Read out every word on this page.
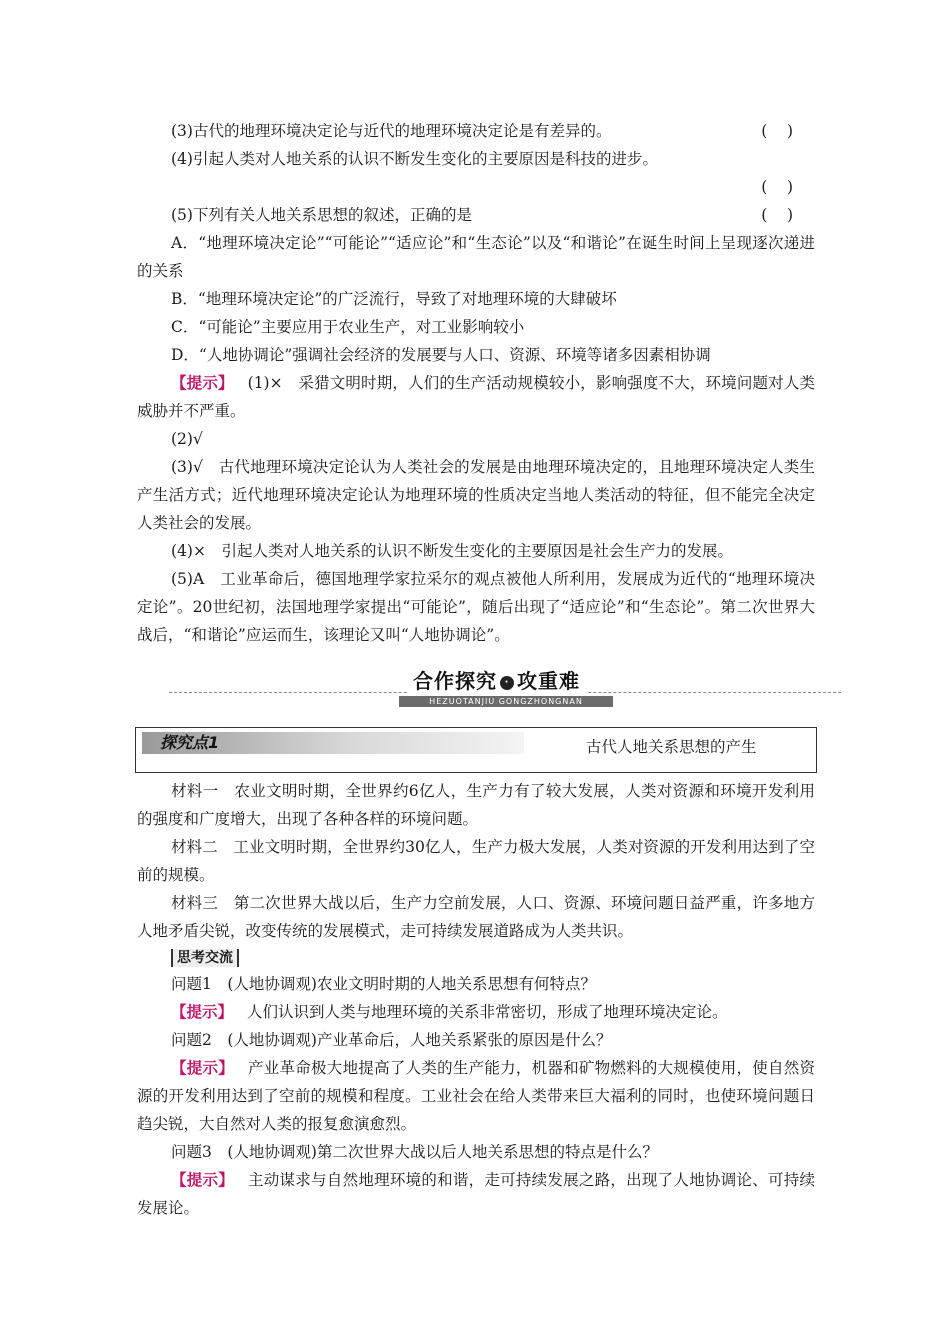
(3)古代的地理环境决定论与近代的地理环境决定论是有差异的。	(    )
(4)引起人类对人地关系的认识不断发生变化的主要原因是科技的进步。
(    )
(5)下列有关人地关系思想的叙述，正确的是	(    )

A．“地理环境决定论”“可能论”“适应论”和“生态论”以及“和谐论”在诞生时间上呈现逐次递进的关系

B．“地理环境决定论”的广泛流行，导致了对地理环境的大肆破坏

C．“可能论”主要应用于农业生产，对工业影响较小

D．“人地协调论”强调社会经济的发展要与人口、资源、环境等诸多因素相协调

【提示】 (1)×　采猎文明时期，人们的生产活动规模较小，影响强度不大，环境问题对人类威胁并不严重。

(2)√

(3)√　古代地理环境决定论认为人类社会的发展是由地理环境决定的，且地理环境决定人类生产生活方式；近代地理环境决定论认为地理环境的性质决定当地人类活动的特征，但不能完全决定人类社会的发展。

(4)×　引起人类对人地关系的认识不断发生变化的主要原因是社会生产力的发展。

(5)A　工业革命后，德国地理学家拉采尔的观点被他人所利用，发展成为近代的“地理环境决定论”。20世纪初，法国地理学家提出“可能论”，随后出现了“适应论”和“生态论”。第二次世界大战后，“和谐论”应运而生，该理论又叫“人地协调论”。

合作探究 · 攻重难
HEZUOTANJIU GONGZHONGNAN
探究点1	古代人地关系思想的产生

材料一　农业文明时期，全世界约6亿人，生产力有了较大发展，人类对资源和环境开发利用的强度和广度增大，出现了各种各样的环境问题。

材料二　工业文明时期，全世界约30亿人，生产力极大发展，人类对资源的开发利用达到了空前的规模。

材料三　第二次世界大战以后，生产力空前发展，人口、资源、环境问题日益严重，许多地方人地矛盾尖锐，改变传统的发展模式，走可持续发展道路成为人类共识。

思考交流

问题1　(人地协调观)农业文明时期的人地关系思想有何特点？

【提示】 人们认识到人类与地理环境的关系非常密切，形成了地理环境决定论。

问题2　(人地协调观)产业革命后，人地关系紧张的原因是什么？

【提示】 产业革命极大地提高了人类的生产能力，机器和矿物燃料的大规模使用，使自然资源的开发利用达到了空前的规模和程度。工业社会在给人类带来巨大福利的同时，也使环境问题日趋尖锐，大自然对人类的报复愈演愈烈。

问题3　(人地协调观)第二次世界大战以后人地关系思想的特点是什么？

【提示】 主动谋求与自然地理环境的和谐，走可持续发展之路，出现了人地协调论、可持续发展论。
